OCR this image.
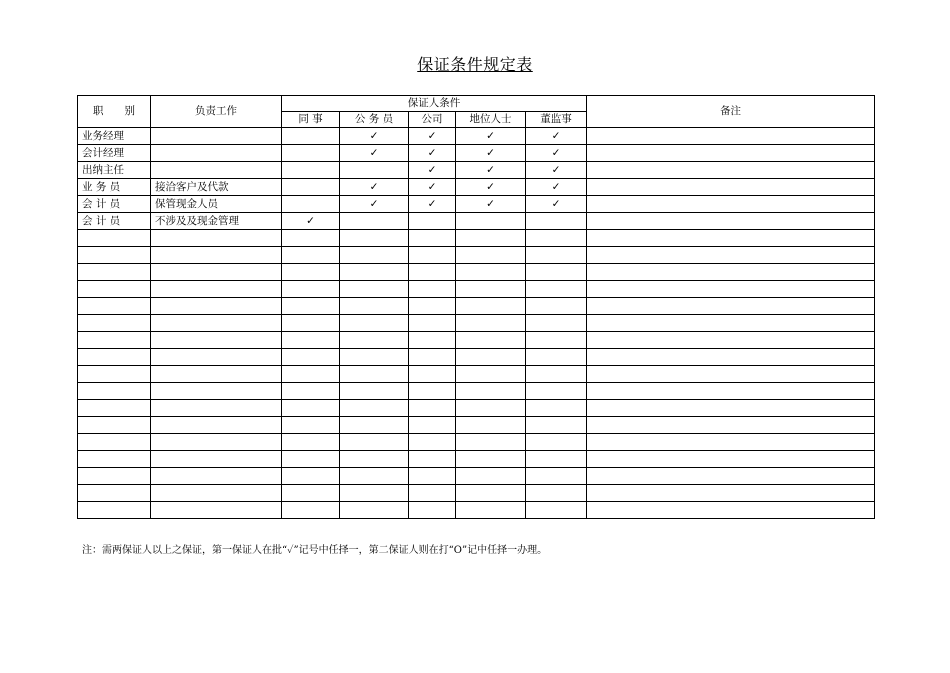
保证条件规定表
职　　别	负责工作	保证人条件					备注
		同 事	公 务 员	公司	地位人士	董监事	
业务经理			✓	✓	✓	✓	
会计经理			✓	✓	✓	✓	
出纳主任				✓	✓	✓	
业 务 员	接洽客户及代款		✓	✓	✓	✓	
会 计 员	保管现金人员		✓	✓	✓	✓	
会 计 员	不涉及及现金管理	✓					

注：需两保证人以上之保证，第一保证人在批“✓”记号中任择一，第二保证人则在打“O”记中任择一办理。
